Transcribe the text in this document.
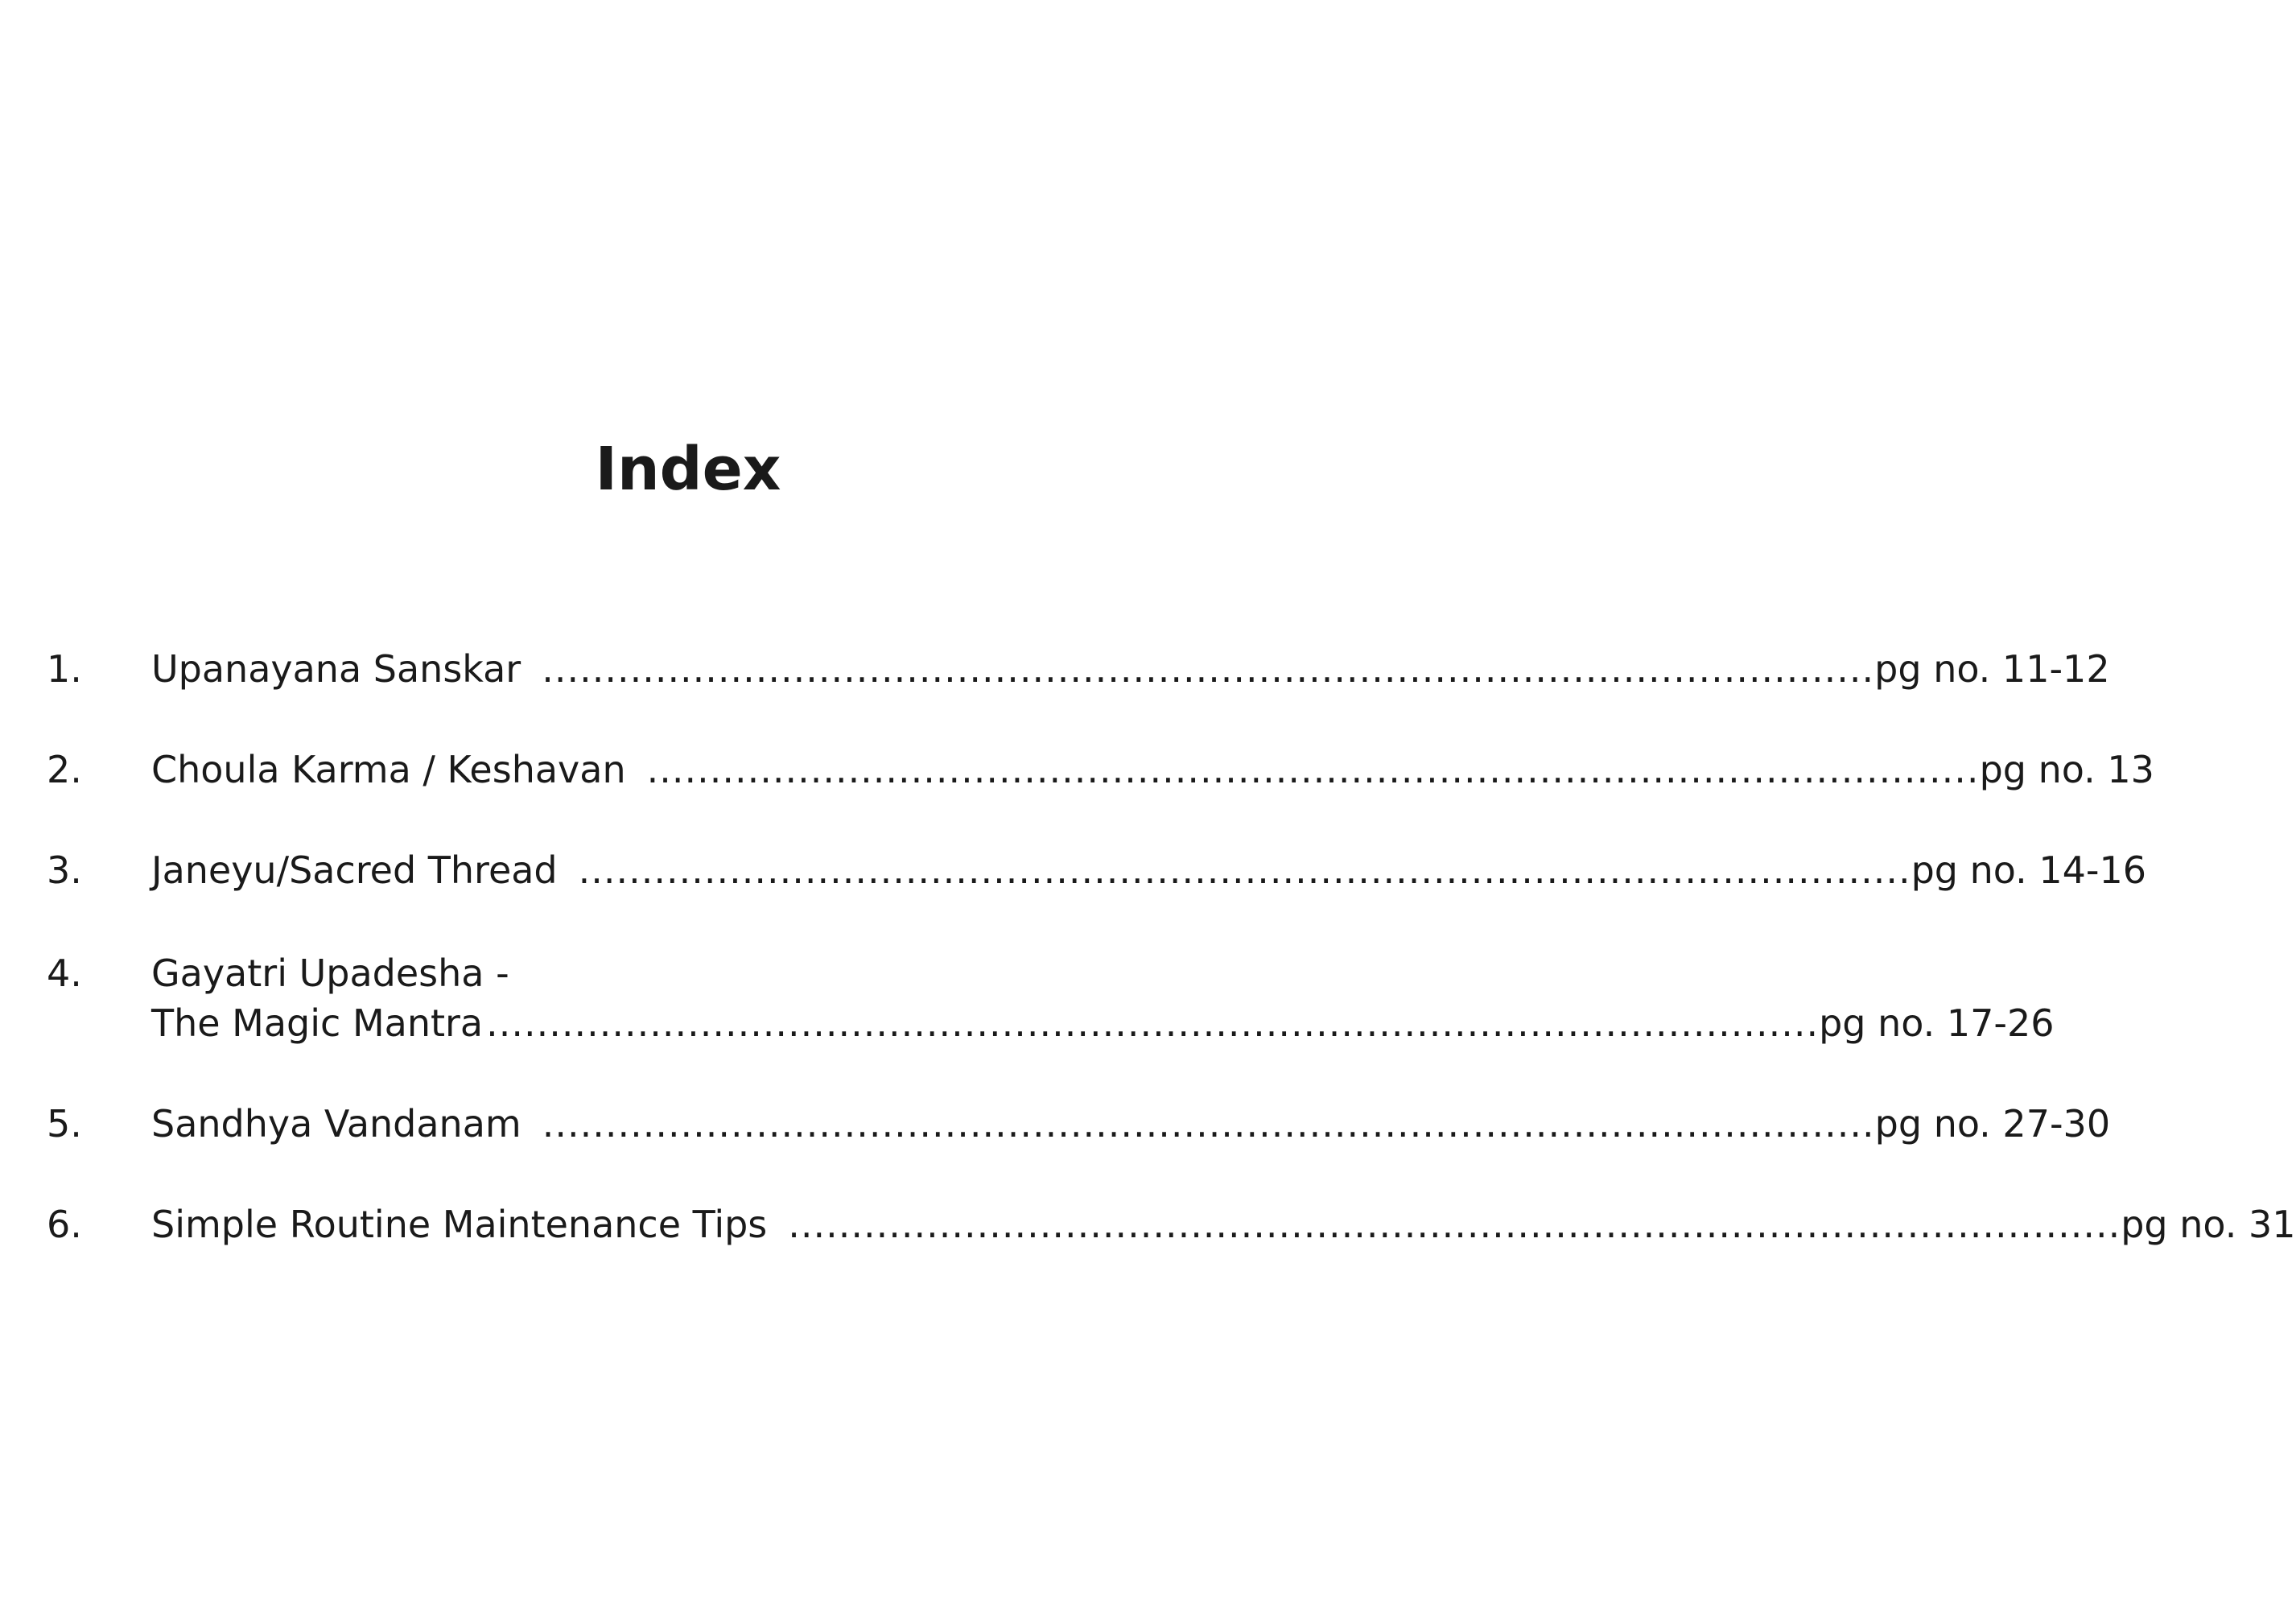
Index
1. Upanayana Sanskar .......................................................................................................... pg no. 11-12
2. Choula Karma / Keshavan .......................................................................................................... pg no. 13
3. Janeyu/Sacred Thread .......................................................................................................... pg no. 14-16
4. Gayatri Upadesha -
The Magic Mantra .......................................................................................................... pg no. 17-26
5. Sandhya Vandanam .......................................................................................................... pg no. 27-30
6. Simple Routine Maintenance Tips .......................................................................................................... pg no. 31
